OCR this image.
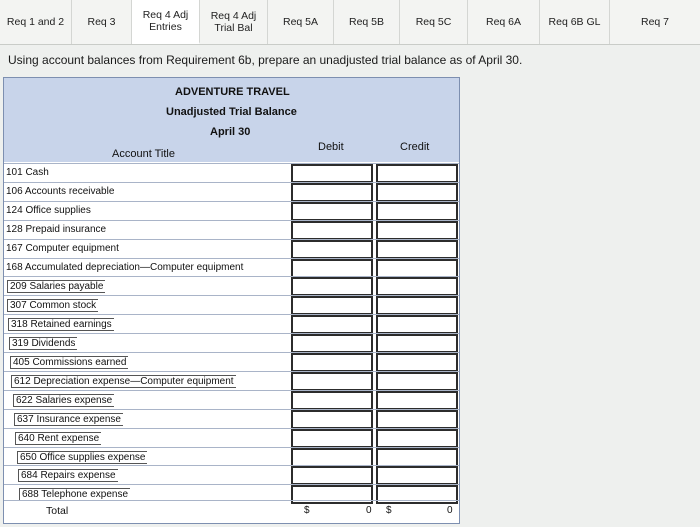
Req 1 and 2	Req 3
Req 4 Adj
Entries
Req 4 Adj
Trial Bal	Req 5A	Req 5B	Req 5C	Req 6A	Req 6B GL	Req 7
Using account balances from Requirement 6b, prepare an unadjusted trial balance as of April 30.
ADVENTURE TRAVEL
Unadjusted Trial Balance
April 30
Account Title
Debit	Credit
101 Cash
106 Accounts receivable
124 Office supplies
128 Prepaid insurance
167 Computer equipment
168 Accumulated depreciation—Computer equipment
209 Salaries payable
307 Common stock
318 Retained earnings
319 Dividends
405 Commissions earned
612 Depreciation expense—Computer equipment
622 Salaries expense
637 Insurance expense
640 Rent expense
650 Office supplies expense
684 Repairs expense
688 Telephone expense
Total	$	0 $	0
